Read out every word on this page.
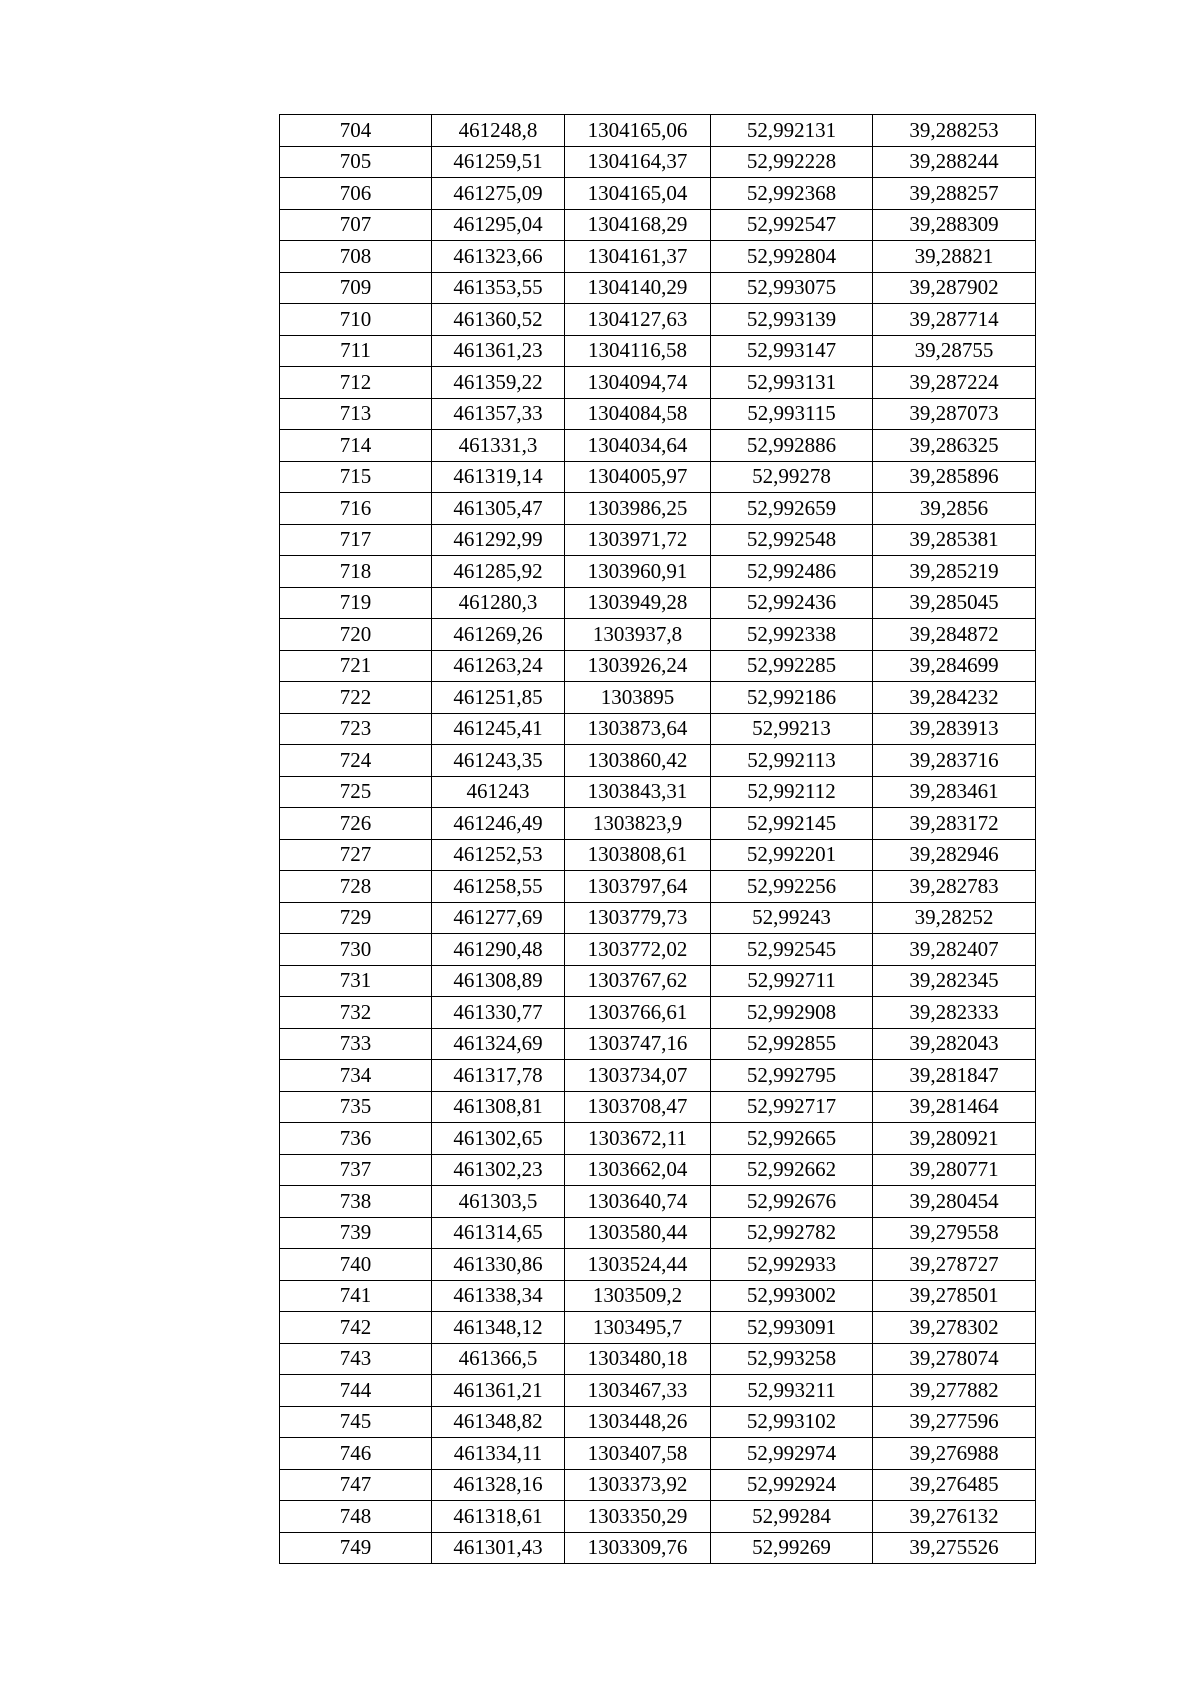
704	461248,8	1304165,06	52,992131	39,288253
705	461259,51	1304164,37	52,992228	39,288244
706	461275,09	1304165,04	52,992368	39,288257
707	461295,04	1304168,29	52,992547	39,288309
708	461323,66	1304161,37	52,992804	39,28821
709	461353,55	1304140,29	52,993075	39,287902
710	461360,52	1304127,63	52,993139	39,287714
711	461361,23	1304116,58	52,993147	39,28755
712	461359,22	1304094,74	52,993131	39,287224
713	461357,33	1304084,58	52,993115	39,287073
714	461331,3	1304034,64	52,992886	39,286325
715	461319,14	1304005,97	52,99278	39,285896
716	461305,47	1303986,25	52,992659	39,2856
717	461292,99	1303971,72	52,992548	39,285381
718	461285,92	1303960,91	52,992486	39,285219
719	461280,3	1303949,28	52,992436	39,285045
720	461269,26	1303937,8	52,992338	39,284872
721	461263,24	1303926,24	52,992285	39,284699
722	461251,85	1303895	52,992186	39,284232
723	461245,41	1303873,64	52,99213	39,283913
724	461243,35	1303860,42	52,992113	39,283716
725	461243	1303843,31	52,992112	39,283461
726	461246,49	1303823,9	52,992145	39,283172
727	461252,53	1303808,61	52,992201	39,282946
728	461258,55	1303797,64	52,992256	39,282783
729	461277,69	1303779,73	52,99243	39,28252
730	461290,48	1303772,02	52,992545	39,282407
731	461308,89	1303767,62	52,992711	39,282345
732	461330,77	1303766,61	52,992908	39,282333
733	461324,69	1303747,16	52,992855	39,282043
734	461317,78	1303734,07	52,992795	39,281847
735	461308,81	1303708,47	52,992717	39,281464
736	461302,65	1303672,11	52,992665	39,280921
737	461302,23	1303662,04	52,992662	39,280771
738	461303,5	1303640,74	52,992676	39,280454
739	461314,65	1303580,44	52,992782	39,279558
740	461330,86	1303524,44	52,992933	39,278727
741	461338,34	1303509,2	52,993002	39,278501
742	461348,12	1303495,7	52,993091	39,278302
743	461366,5	1303480,18	52,993258	39,278074
744	461361,21	1303467,33	52,993211	39,277882
745	461348,82	1303448,26	52,993102	39,277596
746	461334,11	1303407,58	52,992974	39,276988
747	461328,16	1303373,92	52,992924	39,276485
748	461318,61	1303350,29	52,99284	39,276132
749	461301,43	1303309,76	52,99269	39,275526
